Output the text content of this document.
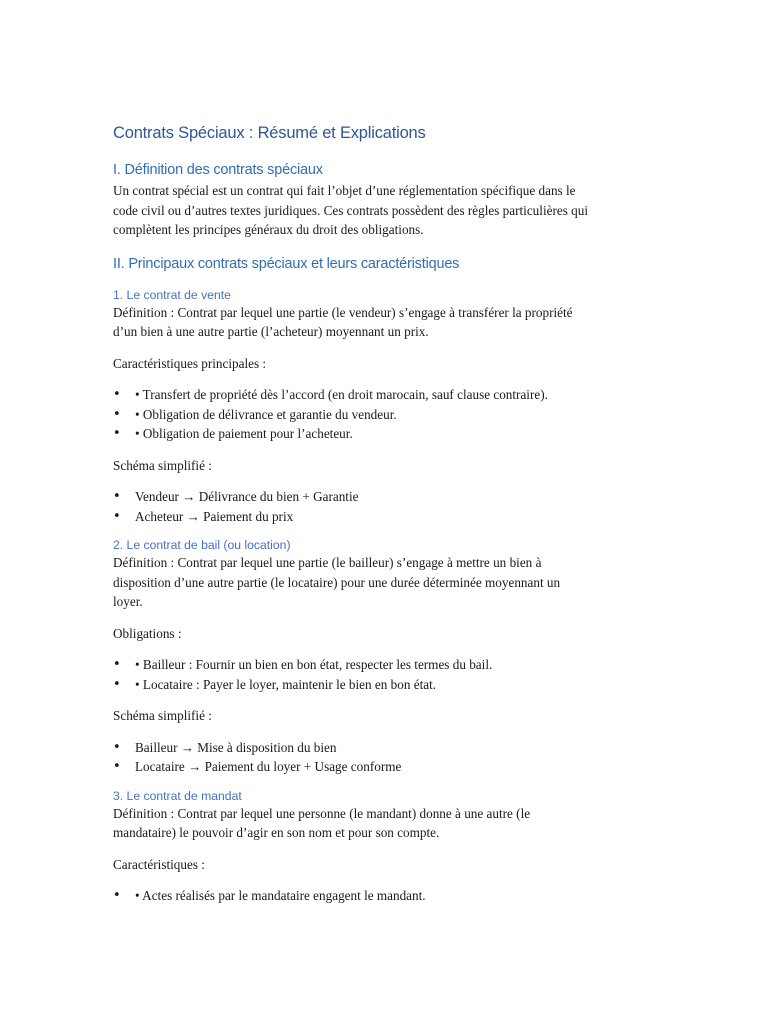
Contrats Spéciaux : Résumé et Explications
I. Définition des contrats spéciaux

Un contrat spécial est un contrat qui fait l’objet d’une réglementation spécifique dans le
code civil ou d’autres textes juridiques. Ces contrats possèdent des règles particulières qui
complètent les principes généraux du droit des obligations.

II. Principaux contrats spéciaux et leurs caractéristiques
1. Le contrat de vente

Définition : Contrat par lequel une partie (le vendeur) s’engage à transférer la propriété
d’un bien à une autre partie (l’acheteur) moyennant un prix.

Caractéristiques principales :

• • Transfert de propriété dès l’accord (en droit marocain, sauf clause contraire).
• • Obligation de délivrance et garantie du vendeur.
• • Obligation de paiement pour l’acheteur.

Schéma simplifié :

• Vendeur → Délivrance du bien + Garantie
• Acheteur → Paiement du prix
2. Le contrat de bail (ou location)

Définition : Contrat par lequel une partie (le bailleur) s’engage à mettre un bien à
disposition d’une autre partie (le locataire) pour une durée déterminée moyennant un
loyer.

Obligations :

• • Bailleur : Fournir un bien en bon état, respecter les termes du bail.
• • Locataire : Payer le loyer, maintenir le bien en bon état.

Schéma simplifié :

• Bailleur → Mise à disposition du bien
• Locataire → Paiement du loyer + Usage conforme
3. Le contrat de mandat

Définition : Contrat par lequel une personne (le mandant) donne à une autre (le
mandataire) le pouvoir d’agir en son nom et pour son compte.

Caractéristiques :

• • Actes réalisés par le mandataire engagent le mandant.
